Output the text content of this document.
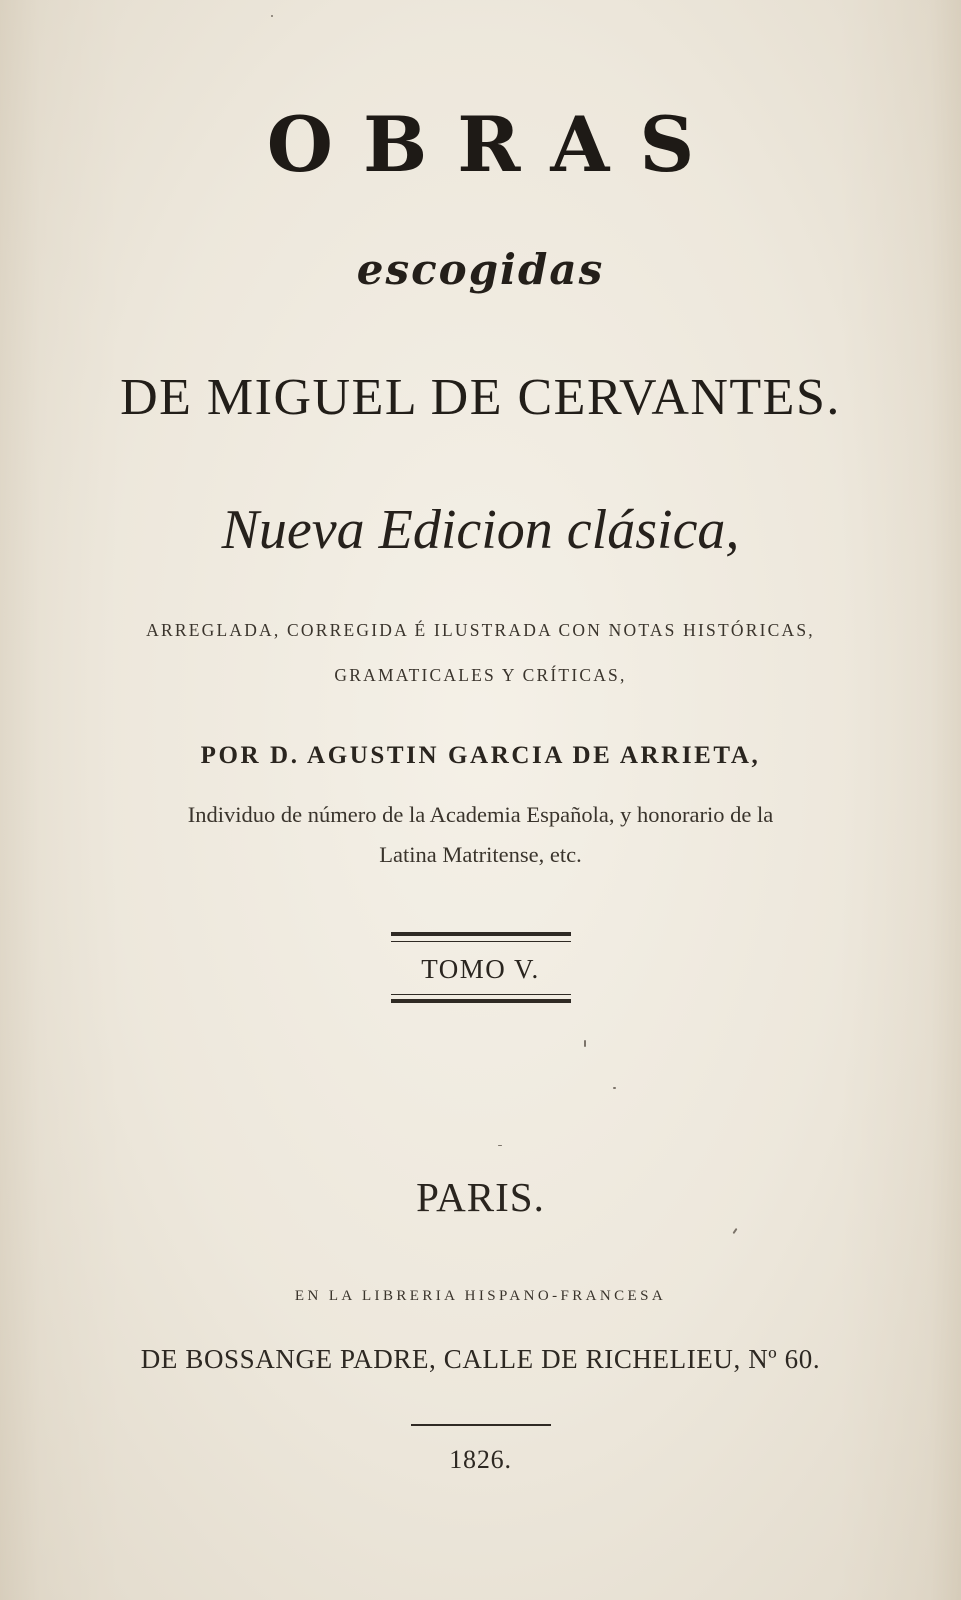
OBRAS
escogidas
DE MIGUEL DE CERVANTES.
Nueva Edicion clásica,
ARREGLADA, CORREGIDA É ILUSTRADA CON NOTAS HISTÓRICAS,
GRAMATICALES Y CRÍTICAS,
POR D. AGUSTIN GARCIA DE ARRIETA,
Individuo de número de la Academia Española, y honorario de la
Latina Matritense, etc.
TOMO V.
PARIS.
EN LA LIBRERIA HISPANO-FRANCESA
DE BOSSANGE PADRE, CALLE DE RICHELIEU, Nº 60.
1826.
